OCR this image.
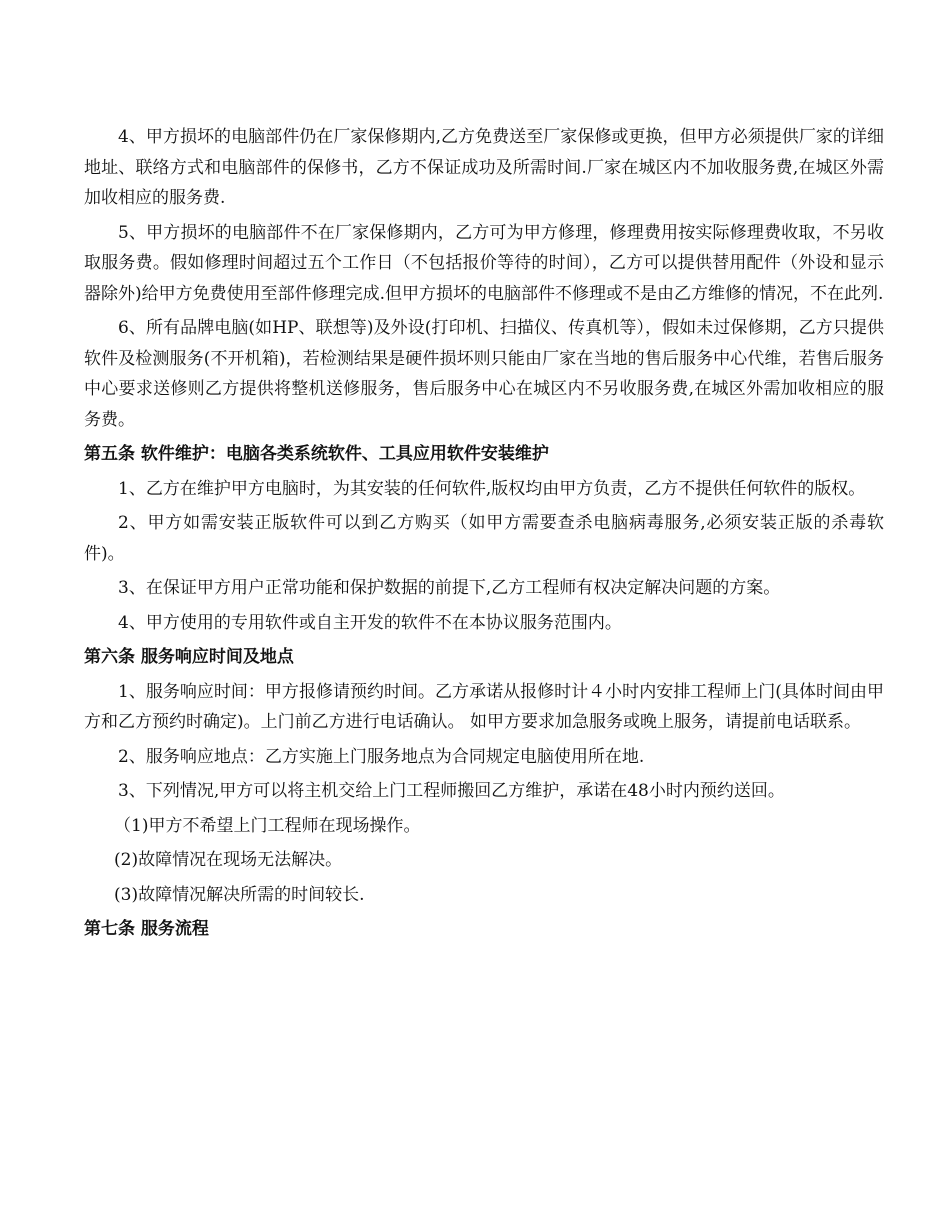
4、甲方损坏的电脑部件仍在厂家保修期内,乙方免费送至厂家保修或更换，但甲方必须提供厂家的详细地址、联络方式和电脑部件的保修书，乙方不保证成功及所需时间.厂家在城区内不加收服务费,在城区外需加收相应的服务费.

5、甲方损坏的电脑部件不在厂家保修期内，乙方可为甲方修理，修理费用按实际修理费收取，不另收取服务费。假如修理时间超过五个工作日（不包括报价等待的时间），乙方可以提供替用配件（外设和显示器除外)给甲方免费使用至部件修理完成.但甲方损坏的电脑部件不修理或不是由乙方维修的情况，不在此列.

6、所有品牌电脑(如HP、联想等)及外设(打印机、扫描仪、传真机等），假如未过保修期，乙方只提供软件及检测服务(不开机箱)，若检测结果是硬件损坏则只能由厂家在当地的售后服务中心代维，若售后服务中心要求送修则乙方提供将整机送修服务，售后服务中心在城区内不另收服务费,在城区外需加收相应的服务费。

第五条 软件维护：电脑各类系统软件、工具应用软件安装维护

1、乙方在维护甲方电脑时，为其安装的任何软件,版权均由甲方负责，乙方不提供任何软件的版权。

2、甲方如需安装正版软件可以到乙方购买（如甲方需要查杀电脑病毒服务,必须安装正版的杀毒软件)。

3、在保证甲方用户正常功能和保护数据的前提下,乙方工程师有权决定解决问题的方案。

4、甲方使用的专用软件或自主开发的软件不在本协议服务范围内。

第六条 服务响应时间及地点

1、服务响应时间：甲方报修请预约时间。乙方承诺从报修时计４小时内安排工程师上门(具体时间由甲方和乙方预约时确定)。上门前乙方进行电话确认。 如甲方要求加急服务或晚上服务，请提前电话联系。

2、服务响应地点：乙方实施上门服务地点为合同规定电脑使用所在地.

3、下列情况,甲方可以将主机交给上门工程师搬回乙方维护，承诺在48小时内预约送回。

（1)甲方不希望上门工程师在现场操作。
(2)故障情况在现场无法解决。
(3)故障情况解决所需的时间较长.
第七条 服务流程
